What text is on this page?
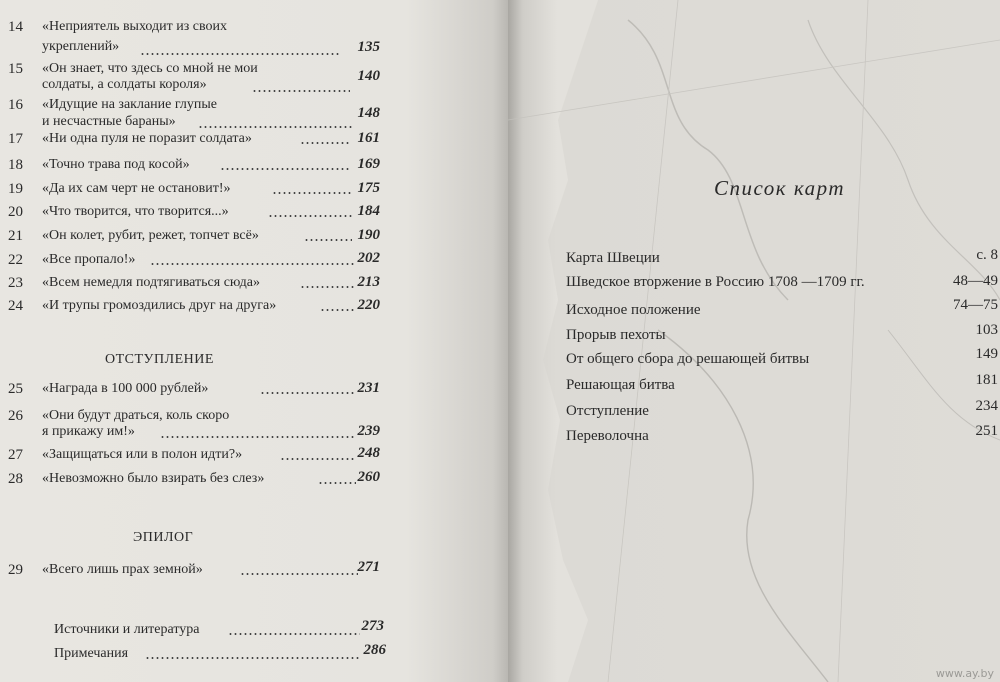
14 «Неприятель выходит из своих
укреплений»	135
15 «Он знает, что здесь со мной не мои
солдаты, а солдаты короля»
140
16 «Идущие на заклание глупые
и несчастные бараны»
148
17 «Ни одна пуля не поразит солдата»	161
18 «Точно трава под косой»	169
19 «Да их сам черт не остановит!»	175
20 «Что творится, что творится...»	184
21 «Он колет, рубит, режет, топчет всё»	190
22 «Все пропало!»	202
23 «Всем немедля подтягиваться сюда»	213
24 «И трупы громоздились друг на друга»	220
ОТСТУПЛЕНИЕ
25 «Награда в 100 000 рублей»	231
26 «Они будут драться, коль скоро
я прикажу им!»	239
27 «Защищаться или в полон идти?»	248
28 «Невозможно было взирать без слез»	260
ЭПИЛОГ
29 «Всего лишь прах земной»	271
Источники и литература	273
Примечания	286
Список карт
Карта Швеции	с. 8
Шведское вторжение в Россию 1708 —1709 гг.	48—49
Исходное положение	74—75
Прорыв пехоты	103
От общего сбора до решающей битвы	149
Решающая битва	181
Отступление	234
Переволочна	251
www.ay.by
